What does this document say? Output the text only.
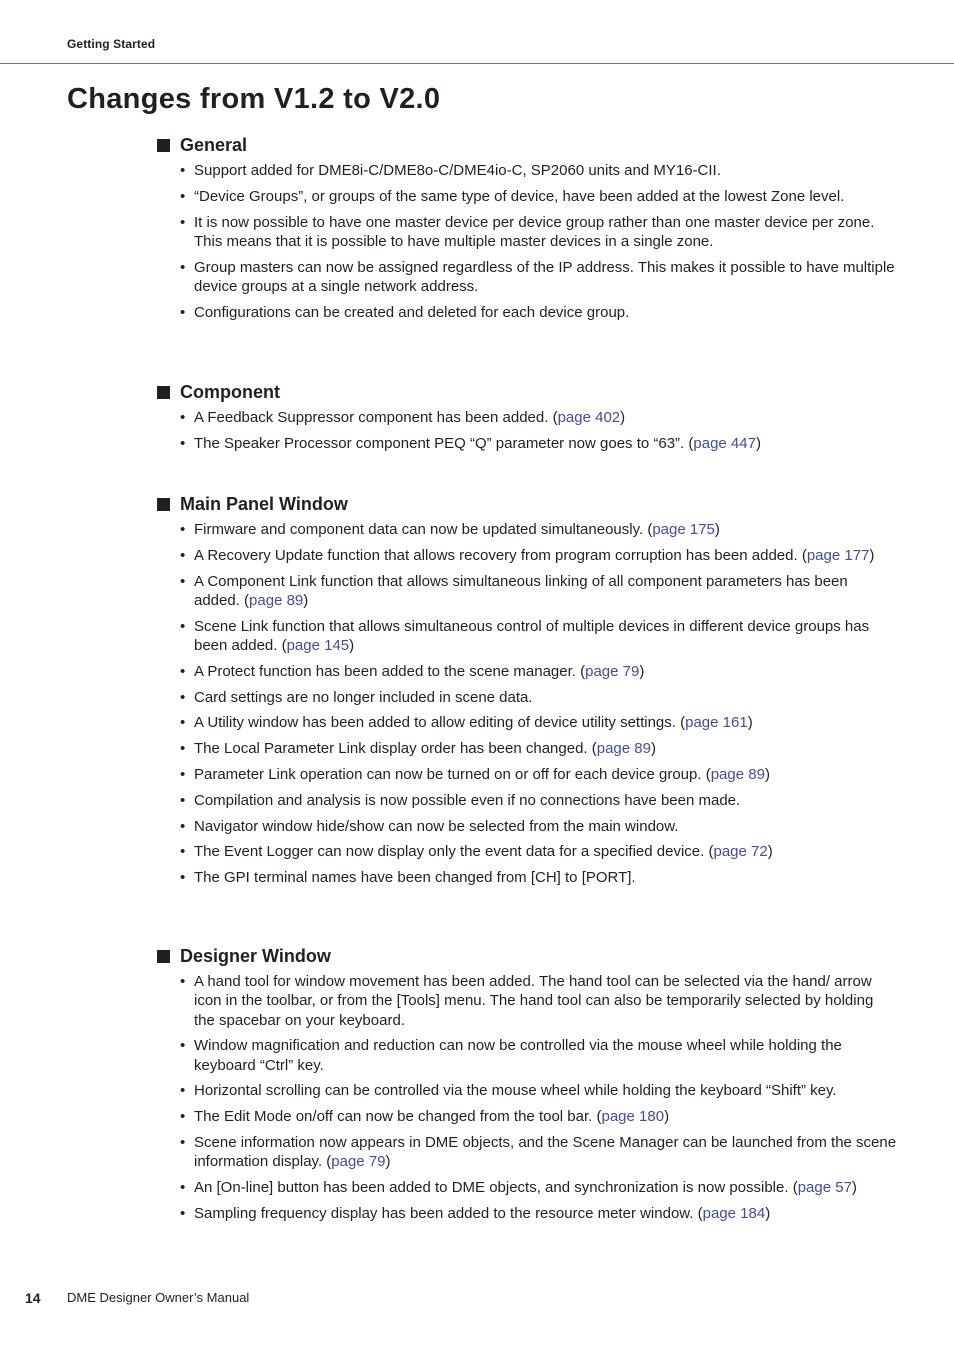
Getting Started
Changes from V1.2 to V2.0
General
• Support added for DME8i-C/DME8o-C/DME4io-C, SP2060 units and MY16-CII.
• “Device Groups”, or groups of the same type of device, have been added at the lowest Zone level.
• It is now possible to have one master device per device group rather than one master device per zone. This means that it is possible to have multiple master devices in a single zone.
• Group masters can now be assigned regardless of the IP address. This makes it possible to have multiple device groups at a single network address.
• Configurations can be created and deleted for each device group.
Component
• A Feedback Suppressor component has been added. (page 402)
• The Speaker Processor component PEQ “Q” parameter now goes to “63”. (page 447)
Main Panel Window
• Firmware and component data can now be updated simultaneously. (page 175)
• A Recovery Update function that allows recovery from program corruption has been added. (page 177)
• A Component Link function that allows simultaneous linking of all component parameters has been added. (page 89)
• Scene Link function that allows simultaneous control of multiple devices in different device groups has been added. (page 145)
• A Protect function has been added to the scene manager. (page 79)
• Card settings are no longer included in scene data.
• A Utility window has been added to allow editing of device utility settings. (page 161)
• The Local Parameter Link display order has been changed. (page 89)
• Parameter Link operation can now be turned on or off for each device group. (page 89)
• Compilation and analysis is now possible even if no connections have been made.
• Navigator window hide/show can now be selected from the main window.
• The Event Logger can now display only the event data for a specified device. (page 72)
• The GPI terminal names have been changed from [CH] to [PORT].
Designer Window
• A hand tool for window movement has been added. The hand tool can be selected via the hand/ arrow icon in the toolbar, or from the [Tools] menu. The hand tool can also be temporarily selected by holding the spacebar on your keyboard.
• Window magnification and reduction can now be controlled via the mouse wheel while holding the keyboard “Ctrl” key.
• Horizontal scrolling can be controlled via the mouse wheel while holding the keyboard “Shift” key.
• The Edit Mode on/off can now be changed from the tool bar. (page 180)
• Scene information now appears in DME objects, and the Scene Manager can be launched from the scene information display. (page 79)
• An [On-line] button has been added to DME objects, and synchronization is now possible. (page 57)
• Sampling frequency display has been added to the resource meter window. (page 184)
14 DME Designer Owner’s Manual
